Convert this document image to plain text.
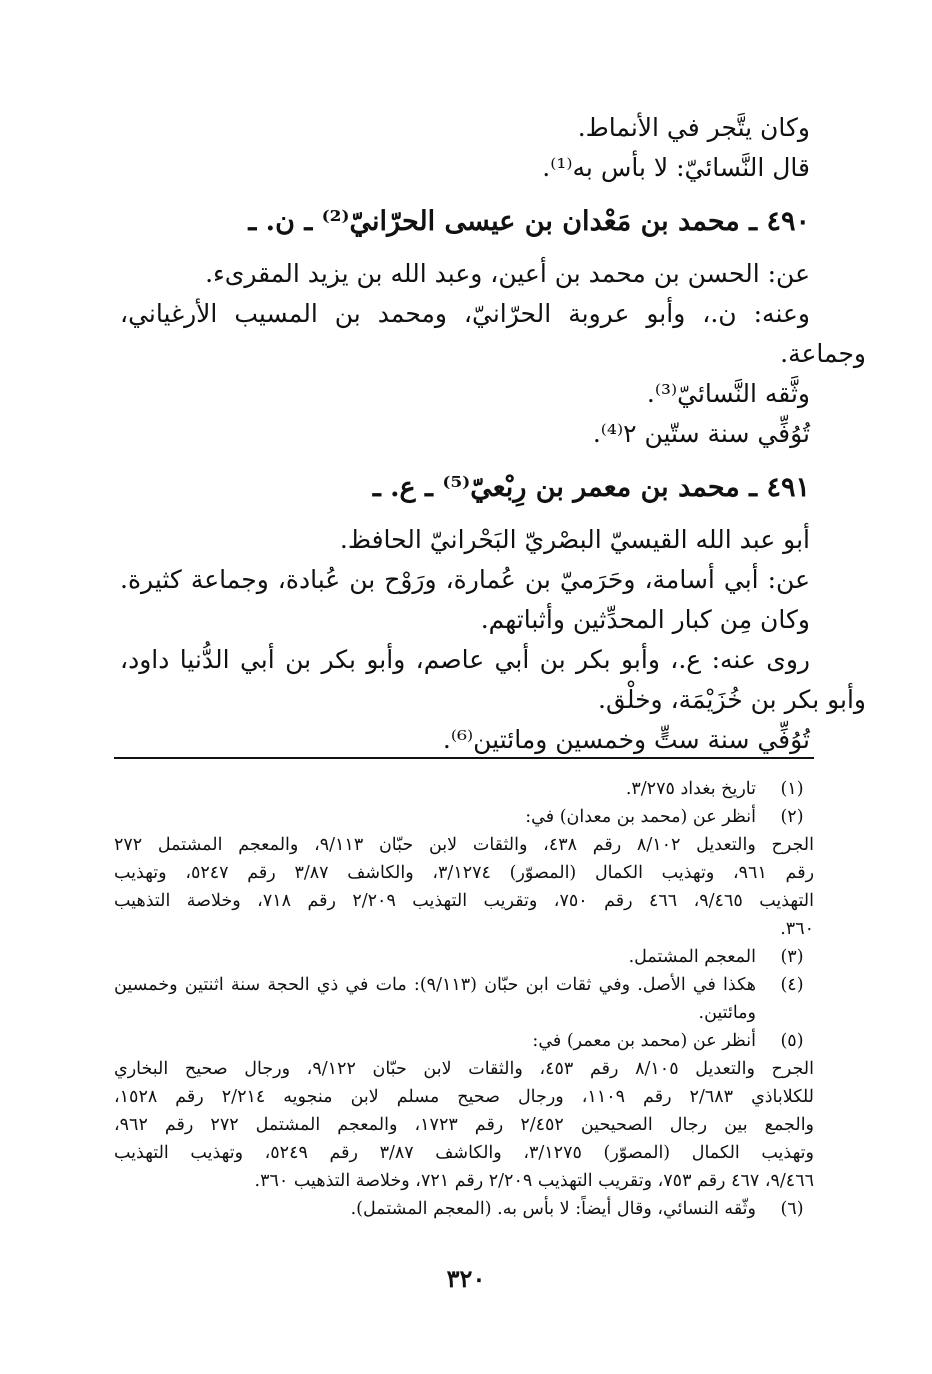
وكان يتَّجر في الأنماط.
قال النَّسائيّ: لا بأس به⁽¹⁾.
٤٩٠ ـ محمد بن مَعْدان بن عيسى الحرّانيّ⁽²⁾ ـ ن. ـ
عن: الحسن بن محمد بن أعين، وعبد الله بن يزيد المقرىء.
وعنه: ن.، وأبو عروبة الحرّانيّ، ومحمد بن المسيب الأرغياني،
وجماعة.
وثَّقه النَّسائيّ⁽³⁾.
تُوُفِّي سنة ستّين ٢⁽⁴⁾.
٤٩١ ـ محمد بن معمر بن رِبْعيّ⁽⁵⁾ ـ ع. ـ
أبو عبد الله القيسيّ البصْريّ البَحْرانيّ الحافظ.
عن: أبي أسامة، وحَرَميّ بن عُمارة، ورَوْح بن عُبادة، وجماعة كثيرة.
وكان مِن كبار المحدِّثين وأثباتهم.
روى عنه: ع.، وأبو بكر بن أبي عاصم، وأبو بكر بن أبي الدُّنيا داود،
وأبو بكر بن خُزَيْمَة، وخلْق.
تُوُفِّي سنة ستٍّ وخمسين ومائتين⁽⁶⁾.
(١)
تاريخ بغداد ٣/٢٧٥.
(٢)
أنظر عن (محمد بن معدان) في:
الجرح والتعديل ٨/١٠٢ رقم ٤٣٨، والثقات لابن حبّان ٩/١١٣، والمعجم المشتمل ٢٧٢
رقم ٩٦١، وتهذيب الكمال (المصوّر) ٣/١٢٧٤، والكاشف ٣/٨٧ رقم ٥٢٤٧، وتهذيب
التهذيب ٩/٤٦٥، ٤٦٦ رقم ٧٥٠، وتقريب التهذيب ٢/٢٠٩ رقم ٧١٨، وخلاصة التذهيب
٣٦٠.
(٣)
المعجم المشتمل.
(٤)
هكذا في الأصل. وفي ثقات ابن حبّان (٩/١١٣): مات في ذي الحجة سنة اثنتين وخمسين
ومائتين.
(٥)
أنظر عن (محمد بن معمر) في:
الجرح والتعديل ٨/١٠٥ رقم ٤٥٣، والثقات لابن حبّان ٩/١٢٢، ورجال صحيح البخاري
للكلاباذي ٢/٦٨٣ رقم ١١٠٩، ورجال صحيح مسلم لابن منجويه ٢/٢١٤ رقم ١٥٢٨،
والجمع بين رجال الصحيحين ٢/٤٥٢ رقم ١٧٢٣، والمعجم المشتمل ٢٧٢ رقم ٩٦٢،
وتهذيب الكمال (المصوّر) ٣/١٢٧٥، والكاشف ٣/٨٧ رقم ٥٢٤٩، وتهذيب التهذيب
٩/٤٦٦، ٤٦٧ رقم ٧٥٣، وتقريب التهذيب ٢/٢٠٩ رقم ٧٢١، وخلاصة التذهيب ٣٦٠.
(٦)
وثّقه النسائي، وقال أيضاً: لا بأس به. (المعجم المشتمل).
٣٢٠
